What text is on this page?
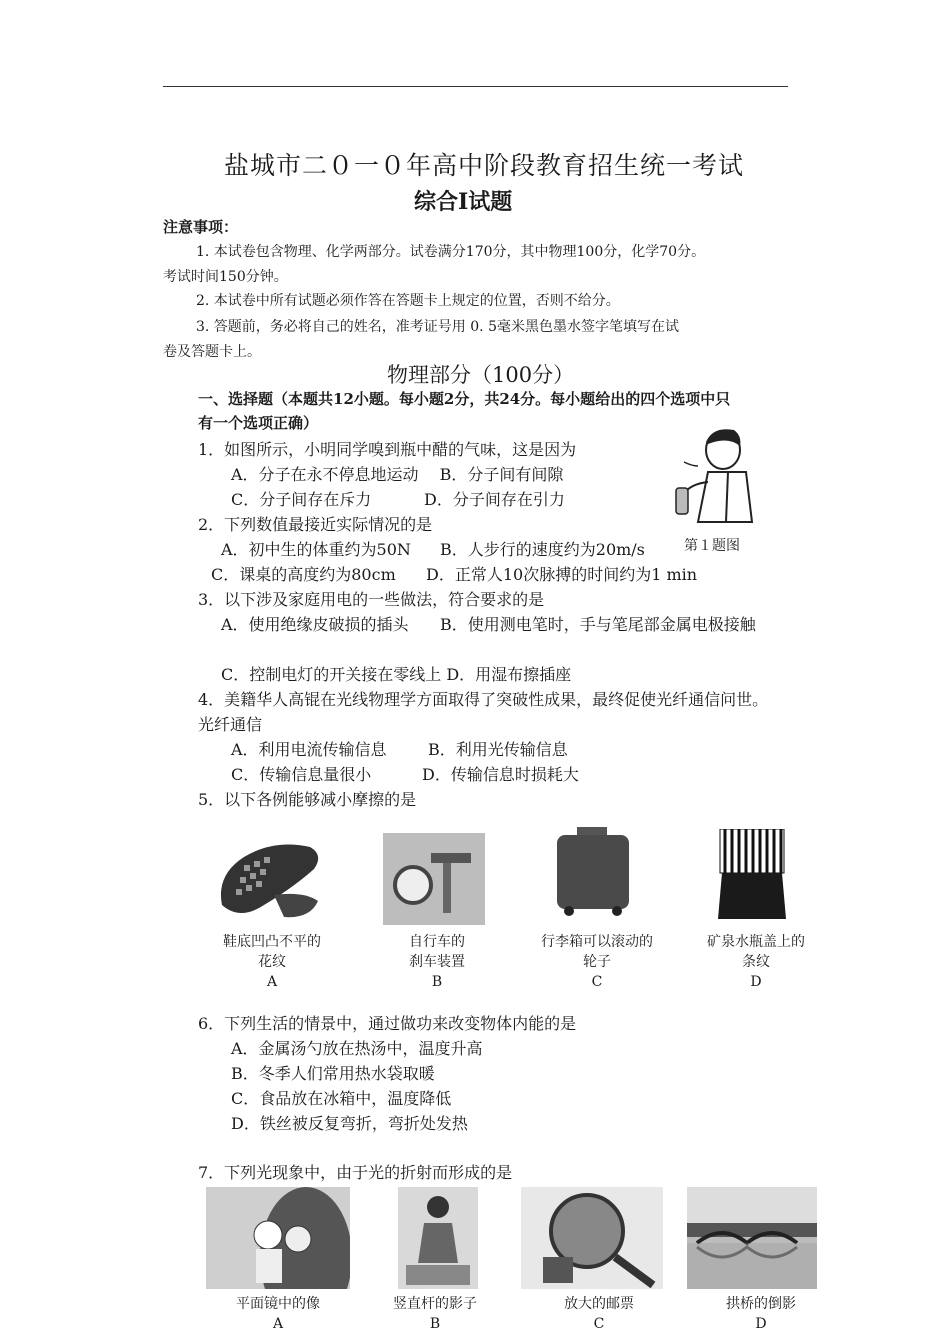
盐城市二０一０年高中阶段教育招生统一考试
综合Ⅰ试题
注意事项：
1. 本试卷包含物理、化学两部分。试卷满分170分，其中物理100分，化学70分。
考试时间150分钟。
2. 本试卷中所有试题必须作答在答题卡上规定的位置，否则不给分。
3. 答题前，务必将自己的姓名，准考证号用 0. 5毫米黑色墨水签字笔填写在试
卷及答题卡上。
物理部分（100分）
一、选择题（本题共12小题。每小题2分，共24分。每小题给出的四个选项中只
有一个选项正确）
1．如图所示，小明同学嗅到瓶中醋的气味，这是因为
A．分子在永不停息地运动　 B．分子间有间隙
C．分子间存在斥力	D．分子间存在引力
第１题图
2．下列数值最接近实际情况的是
A．初中生的体重约为50N B．人步行的速度约为20m/s
C．课桌的高度约为80cm D．正常人10次脉搏的时间约为1 min
3．以下涉及家庭用电的一些做法，符合要求的是
A．使用绝缘皮破损的插头 B．使用测电笔时，手与笔尾部金属电极接触
C．控制电灯的开关接在零线上 D．用湿布擦插座
4．美籍华人高锟在光线物理学方面取得了突破性成果，最终促使光纤通信问世。
光纤通信
A．利用电流传输信息	B．利用光传输信息
C．传输信息量很小	D．传输信息时损耗大
5．以下各例能够减小摩擦的是
鞋底凹凸不平的
花纹
A
自行车的
刹车装置
B
行李箱可以滚动的
轮子
C
矿泉水瓶盖上的
条纹
D
6．下列生活的情景中，通过做功来改变物体内能的是
A．金属汤勺放在热汤中，温度升高
B．冬季人们常用热水袋取暖
C．食品放在冰箱中，温度降低
D．铁丝被反复弯折，弯折处发热
7．下列光现象中，由于光的折射而形成的是
平面镜中的像
A
竖直杆的影子
B
放大的邮票
C
拱桥的倒影
D
